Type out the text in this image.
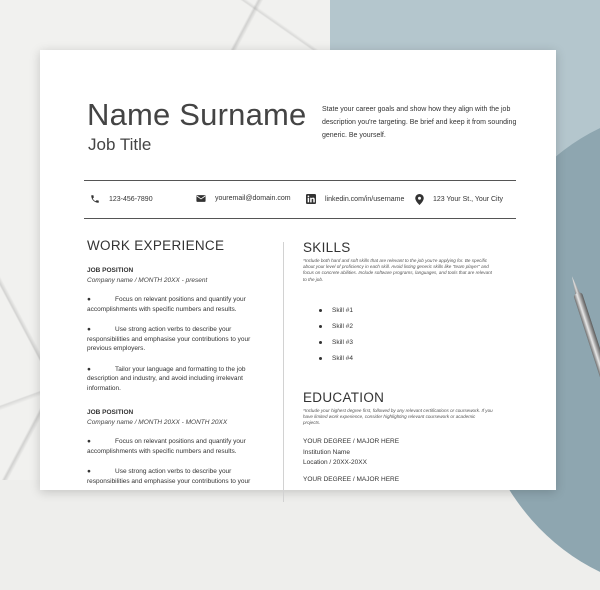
Name Surname
Job Title
State your career goals and show how they align with the job description you're targeting. Be brief and keep it from sounding generic. Be yourself.
123-456-7890	youremail@domain.com	linkedin.com/in/username	123 Your St., Your City
WORK EXPERIENCE
JOB POSITION
Company name / MONTH 20XX - present
●	Focus on relevant positions and quantify your accomplishments with specific numbers and results.
●	Use strong action verbs to describe your responsibilities and emphasise your contributions to your previous employers.
●	Tailor your language and formatting to the job description and industry, and avoid including irrelevant information.
JOB POSITION
Company name / MONTH 20XX - MONTH 20XX
●	Focus on relevant positions and quantify your accomplishments with specific numbers and results.
●	Use strong action verbs to describe your responsibilities and emphasise your contributions to your
SKILLS
*Include both hard and soft skills that are relevant to the job you're applying for. Be specific about your level of proficiency in each skill. Avoid listing generic skills like "team player" and focus on concrete abilities. Include software programs, languages, and tools that are relevant to the job.
Skill #1
Skill #2
Skill #3
Skill #4
EDUCATION
*Include your highest degree first, followed by any relevant certifications or coursework. If you have limited work experience, consider highlighting relevant coursework or academic projects.
YOUR DEGREE / MAJOR HERE
Institution Name
Location / 20XX-20XX
YOUR DEGREE / MAJOR HERE
